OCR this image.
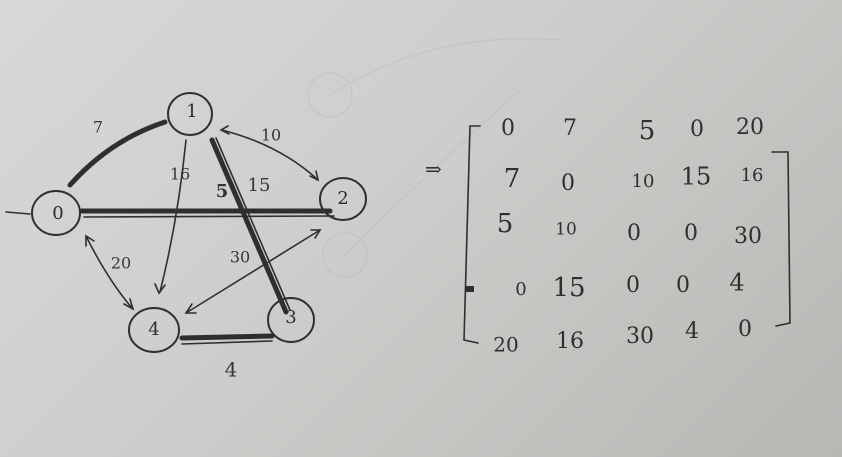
0
1
2
3
4
7	10
16
15
5
20	30
4
⇒
0 7 5 0 20
7 0	10 15 16
5 10 0 0 30
0 15 0 0 4
20 16 30 4 0
